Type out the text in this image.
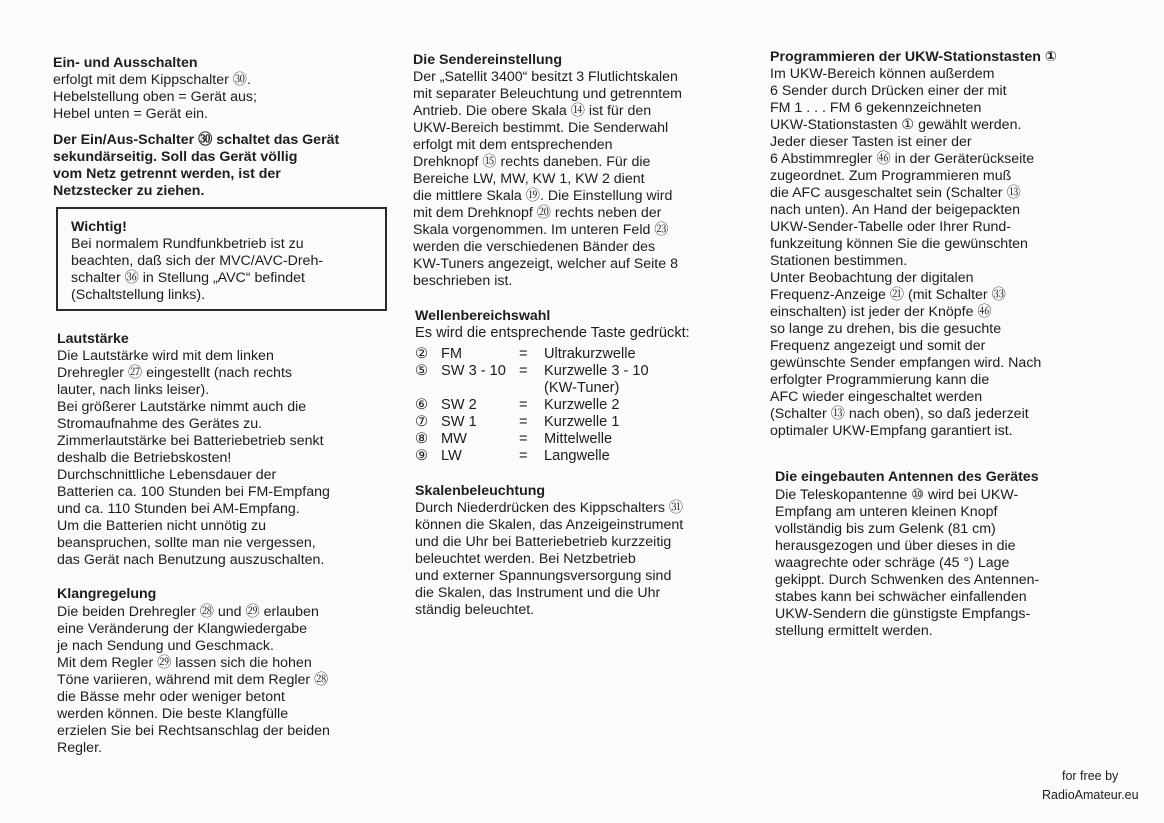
Ein- und Ausschalten
erfolgt mit dem Kippschalter ㉚.
Hebelstellung oben = Gerät aus;
Hebel unten = Gerät ein.
Der Ein/Aus-Schalter ㉚ schaltet das Gerät
sekundärseitig. Soll das Gerät völlig
vom Netz getrennt werden, ist der
Netzstecker zu ziehen.
Wichtig!
Bei normalem Rundfunkbetrieb ist zu
beachten, daß sich der MVC/AVC-Dreh-
schalter ㊱ in Stellung „AVC“ befindet
(Schaltstellung links).
Lautstärke
Die Lautstärke wird mit dem linken
Drehregler ㉗ eingestellt (nach rechts
lauter, nach links leiser).
Bei größerer Lautstärke nimmt auch die
Stromaufnahme des Gerätes zu.
Zimmerlautstärke bei Batteriebetrieb senkt
deshalb die Betriebskosten!
Durchschnittliche Lebensdauer der
Batterien ca. 100 Stunden bei FM-Empfang
und ca. 110 Stunden bei AM-Empfang.
Um die Batterien nicht unnötig zu
beanspruchen, sollte man nie vergessen,
das Gerät nach Benutzung auszuschalten.
Klangregelung
Die beiden Drehregler ㉘ und ㉙ erlauben
eine Veränderung der Klangwiedergabe
je nach Sendung und Geschmack.
Mit dem Regler ㉙ lassen sich die hohen
Töne variieren, während mit dem Regler ㉘
die Bässe mehr oder weniger betont
werden können. Die beste Klangfülle
erzielen Sie bei Rechtsanschlag der beiden
Regler.
Die Sendereinstellung
Der „Satellit 3400“ besitzt 3 Flutlichtskalen
mit separater Beleuchtung und getrenntem
Antrieb. Die obere Skala ⑭ ist für den
UKW-Bereich bestimmt. Die Senderwahl
erfolgt mit dem entsprechenden
Drehknopf ⑮ rechts daneben. Für die
Bereiche LW, MW, KW 1, KW 2 dient
die mittlere Skala ⑲. Die Einstellung wird
mit dem Drehknopf ⑳ rechts neben der
Skala vorgenommen. Im unteren Feld ㉓
werden die verschiedenen Bänder des
KW-Tuners angezeigt, welcher auf Seite 8
beschrieben ist.
Wellenbereichswahl
Es wird die entsprechende Taste gedrückt:
② FM	= Ultrakurzwelle
⑤ SW 3 - 10 = Kurzwelle 3 - 10
(KW-Tuner)
⑥ SW 2	= Kurzwelle 2
⑦ SW 1	= Kurzwelle 1
⑧ MW	= Mittelwelle
⑨ LW	= Langwelle
Skalenbeleuchtung
Durch Niederdrücken des Kippschalters ㉛
können die Skalen, das Anzeigeinstrument
und die Uhr bei Batteriebetrieb kurzzeitig
beleuchtet werden. Bei Netzbetrieb
und externer Spannungsversorgung sind
die Skalen, das Instrument und die Uhr
ständig beleuchtet.
Programmieren der UKW-Stationstasten ①
Im UKW-Bereich können außerdem
6 Sender durch Drücken einer der mit
FM 1 . . . FM 6 gekennzeichneten
UKW-Stationstasten ① gewählt werden.
Jeder dieser Tasten ist einer der
6 Abstimmregler ㊻ in der Geräterückseite
zugeordnet. Zum Programmieren muß
die AFC ausgeschaltet sein (Schalter ⑬
nach unten). An Hand der beigepackten
UKW-Sender-Tabelle oder Ihrer Rund-
funkzeitung können Sie die gewünschten
Stationen bestimmen.
Unter Beobachtung der digitalen
Frequenz-Anzeige ㉑ (mit Schalter ㉝
einschalten) ist jeder der Knöpfe ㊻
so lange zu drehen, bis die gesuchte
Frequenz angezeigt und somit der
gewünschte Sender empfangen wird. Nach
erfolgter Programmierung kann die
AFC wieder eingeschaltet werden
(Schalter ⑬ nach oben), so daß jederzeit
optimaler UKW-Empfang garantiert ist.
Die eingebauten Antennen des Gerätes
Die Teleskopantenne ⑩ wird bei UKW-
Empfang am unteren kleinen Knopf
vollständig bis zum Gelenk (81 cm)
herausgezogen und über dieses in die
waagrechte oder schräge (45 °) Lage
gekippt. Durch Schwenken des Antennen-
stabes kann bei schwächer einfallenden
UKW-Sendern die günstigste Empfangs-
stellung ermittelt werden.
for free by
RadioAmateur.eu
